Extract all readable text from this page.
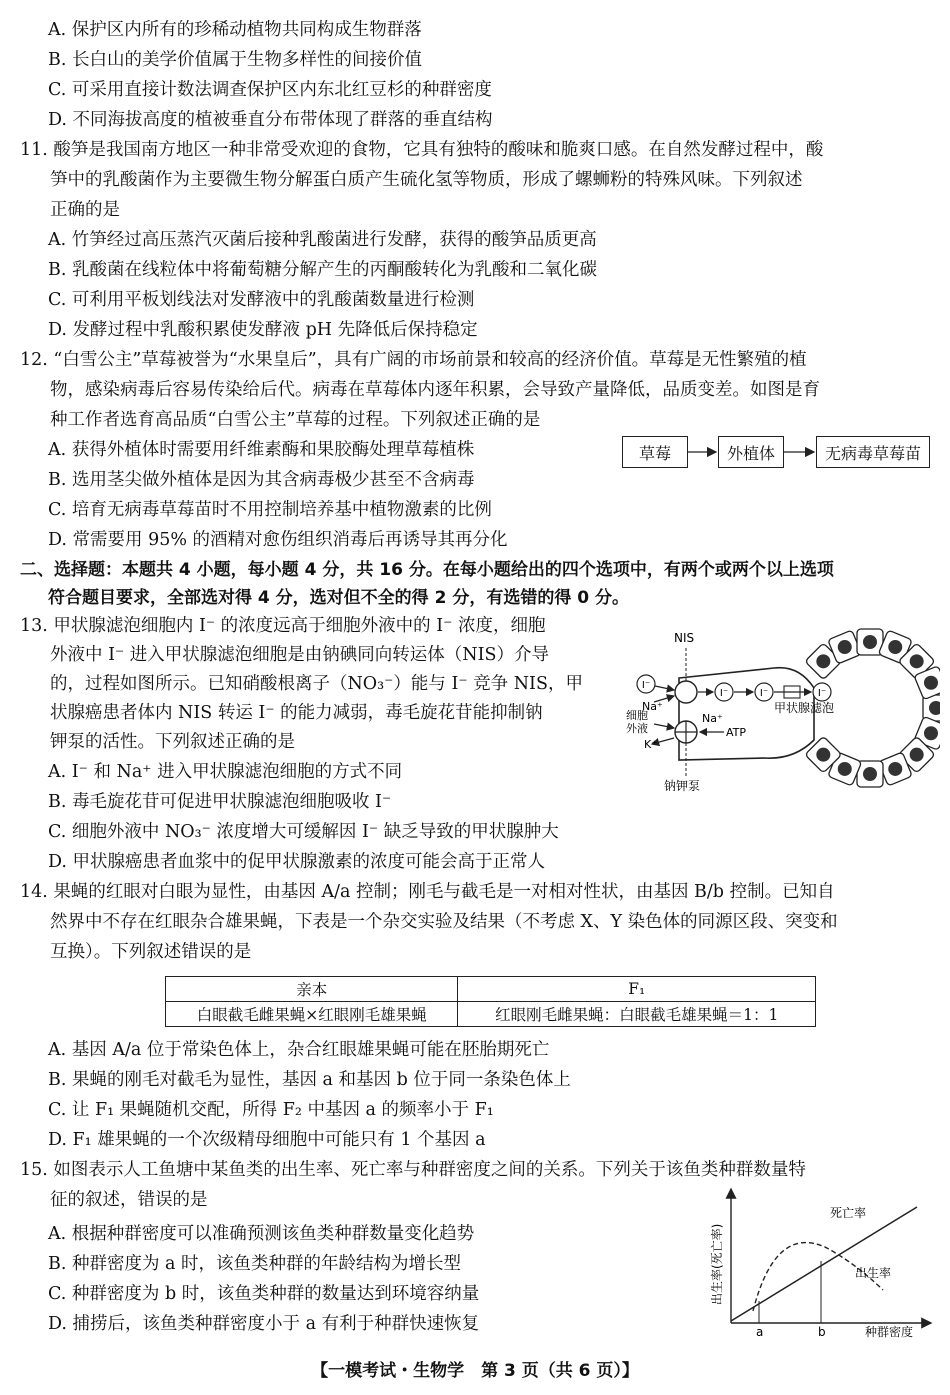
A. 保护区内所有的珍稀动植物共同构成生物群落
B. 长白山的美学价值属于生物多样性的间接价值
C. 可采用直接计数法调查保护区内东北红豆杉的种群密度
D. 不同海拔高度的植被垂直分布带体现了群落的垂直结构
11. 酸笋是我国南方地区一种非常受欢迎的食物，它具有独特的酸味和脆爽口感。在自然发酵过程中，酸
笋中的乳酸菌作为主要微生物分解蛋白质产生硫化氢等物质，形成了螺蛳粉的特殊风味。下列叙述
正确的是
A. 竹笋经过高压蒸汽灭菌后接种乳酸菌进行发酵，获得的酸笋品质更高
B. 乳酸菌在线粒体中将葡萄糖分解产生的丙酮酸转化为乳酸和二氧化碳
C. 可利用平板划线法对发酵液中的乳酸菌数量进行检测
D. 发酵过程中乳酸积累使发酵液 pH 先降低后保持稳定
12. “白雪公主”草莓被誉为“水果皇后”，具有广阔的市场前景和较高的经济价值。草莓是无性繁殖的植
物，感染病毒后容易传染给后代。病毒在草莓体内逐年积累，会导致产量降低，品质变差。如图是育
种工作者选育高品质“白雪公主”草莓的过程。下列叙述正确的是
A. 获得外植体时需要用纤维素酶和果胶酶处理草莓植株
B. 选用茎尖做外植体是因为其含病毒极少甚至不含病毒
C. 培育无病毒草莓苗时不用控制培养基中植物激素的比例
D. 常需要用 95% 的酒精对愈伤组织消毒后再诱导其再分化
草莓	外植体	无病毒草莓苗
二、选择题：本题共 4 小题，每小题 4 分，共 16 分。在每小题给出的四个选项中，有两个或两个以上选项
符合题目要求，全部选对得 4 分，选对但不全的得 2 分，有选错的得 0 分。
13. 甲状腺滤泡细胞内 I⁻ 的浓度远高于细胞外液中的 I⁻ 浓度，细胞
外液中 I⁻ 进入甲状腺滤泡细胞是由钠碘同向转运体（NIS）介导
的，过程如图所示。已知硝酸根离子（NO₃⁻）能与 I⁻ 竞争 NIS，甲
状腺癌患者体内 NIS 转运 I⁻ 的能力减弱，毒毛旋花苷能抑制钠
钾泵的活性。下列叙述正确的是
A. I⁻ 和 Na⁺ 进入甲状腺滤泡细胞的方式不同
B. 毒毛旋花苷可促进甲状腺滤泡细胞吸收 I⁻
C. 细胞外液中 NO₃⁻ 浓度增大可缓解因 I⁻ 缺乏导致的甲状腺肿大
D. 甲状腺癌患者血浆中的促甲状腺激素的浓度可能会高于正常人
I⁻
I⁻	I⁻	I⁻
NIS
Na⁺
Na⁺
ATP
K⁺
细胞外液
甲状腺滤泡
钠钾泵
14. 果蝇的红眼对白眼为显性，由基因 A/a 控制；刚毛与截毛是一对相对性状，由基因 B/b 控制。已知自
然界中不存在红眼杂合雄果蝇，下表是一个杂交实验及结果（不考虑 X、Y 染色体的同源区段、突变和
互换）。下列叙述错误的是
亲本	F₁
白眼截毛雌果蝇×红眼刚毛雄果蝇	红眼刚毛雌果蝇：白眼截毛雄果蝇＝1：1
A. 基因 A/a 位于常染色体上，杂合红眼雄果蝇可能在胚胎期死亡
B. 果蝇的刚毛对截毛为显性，基因 a 和基因 b 位于同一条染色体上
C. 让 F₁ 果蝇随机交配，所得 F₂ 中基因 a 的频率小于 F₁
D. F₁ 雄果蝇的一个次级精母细胞中可能只有 1 个基因 a
15. 如图表示人工鱼塘中某鱼类的出生率、死亡率与种群密度之间的关系。下列关于该鱼类种群数量特
征的叙述，错误的是
A. 根据种群密度可以准确预测该鱼类种群数量变化趋势
B. 种群密度为 a 时，该鱼类种群的年龄结构为增长型
C. 种群密度为 b 时，该鱼类种群的数量达到环境容纳量
D. 捕捞后，该鱼类种群密度小于 a 有利于种群快速恢复
出生率(死亡率)
种群密度
a	b
死亡率
出生率
【一模考试・生物学　第 3 页（共 6 页）】
